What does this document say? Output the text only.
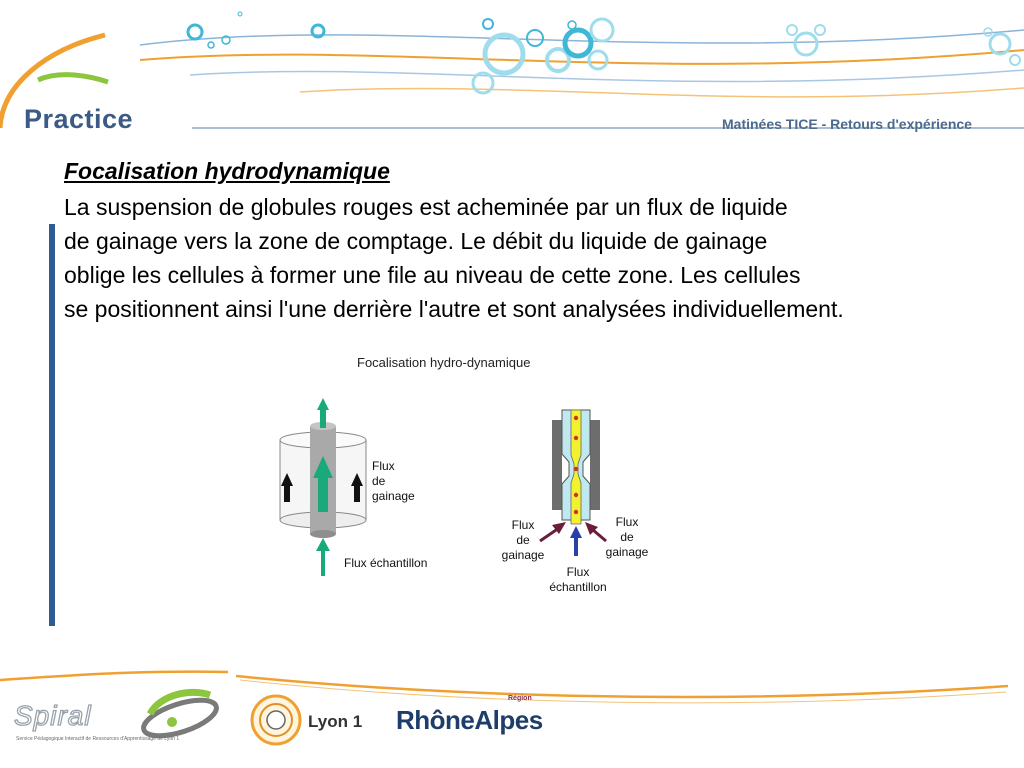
Practice	Matinées TICE - Retours d'expérience
Focalisation hydrodynamique
La suspension de globules rouges est acheminée par un flux de liquide
de gainage vers la zone de comptage. Le débit du liquide de gainage
oblige les cellules à former une file au niveau de cette zone. Les cellules
se positionnent ainsi l'une derrière l'autre et sont analysées individuellement.
Focalisation hydro-dynamique
Flux
de
gainage
Flux échantillon
Flux
de
gainage
Flux
de
gainage
Flux
échantillon
Spiral
Service Pédagogique Interactif de Ressources d'Apprentissage de Lyon 1
Lyon 1 RhôneAlpes
Région
